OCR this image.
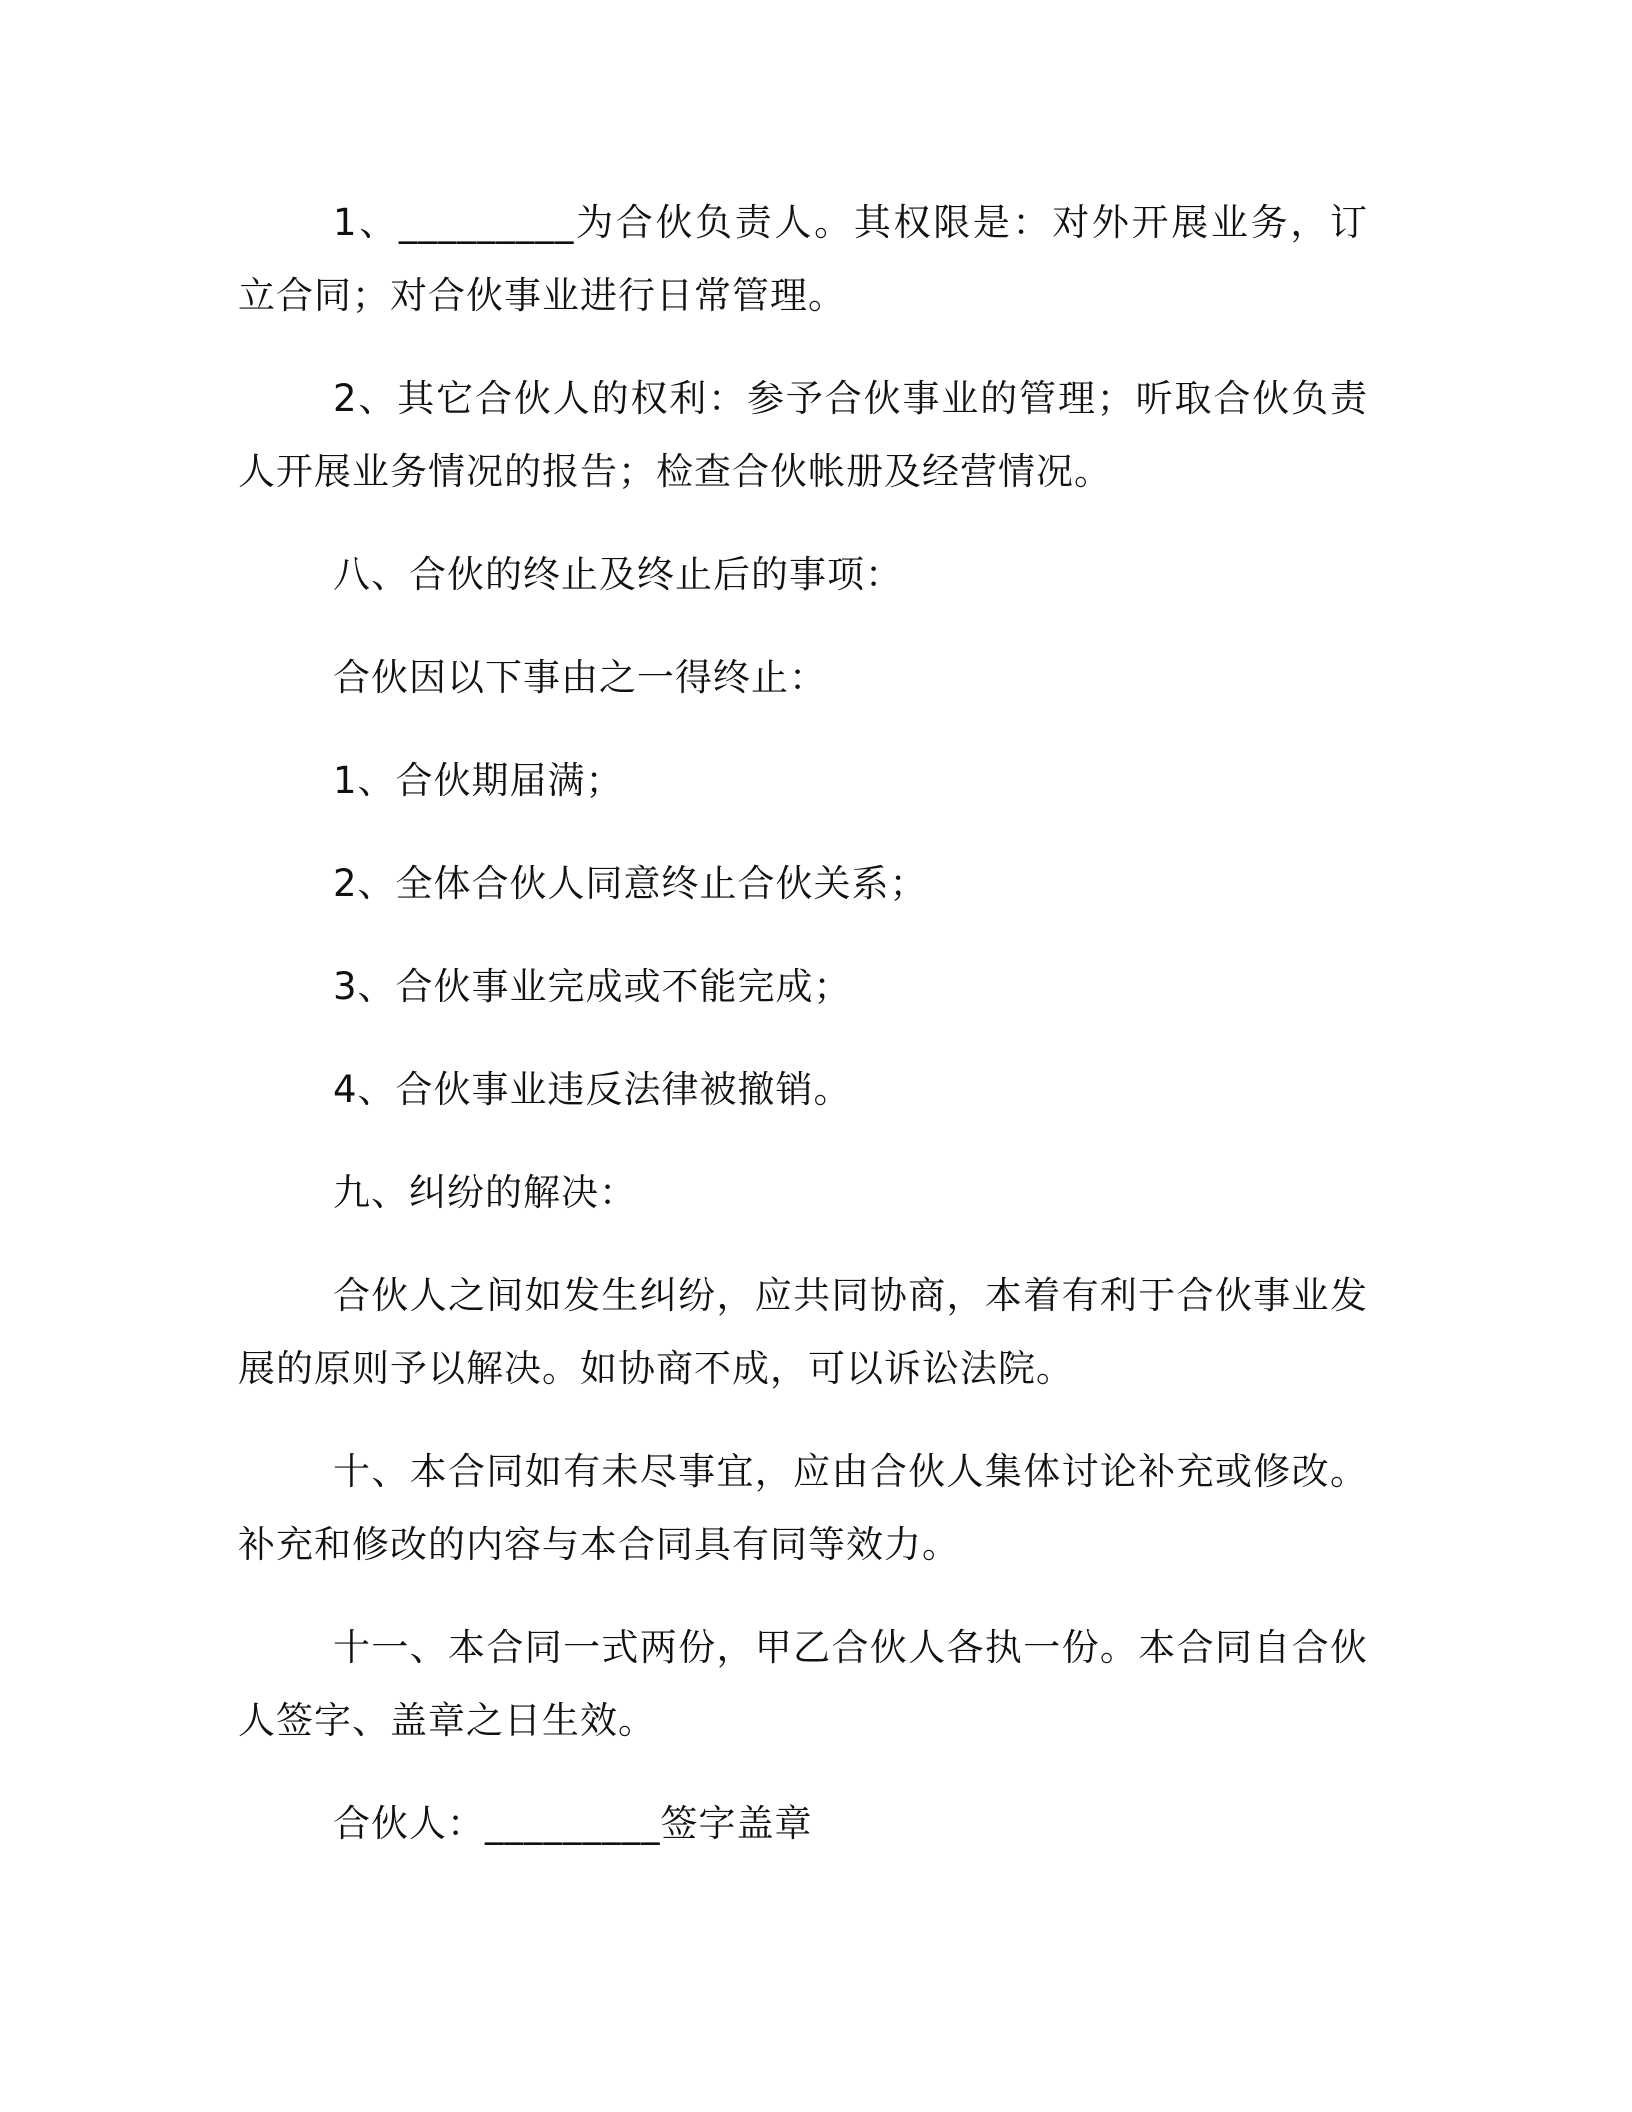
1、_________为合伙负责人。其权限是：对外开展业务，订立合同；对合伙事业进行日常管理。

2、其它合伙人的权利：参予合伙事业的管理；听取合伙负责人开展业务情况的报告；检查合伙帐册及经营情况。

八、合伙的终止及终止后的事项：

合伙因以下事由之一得终止：

1、合伙期届满；

2、全体合伙人同意终止合伙关系；

3、合伙事业完成或不能完成；

4、合伙事业违反法律被撤销。

九、纠纷的解决：

合伙人之间如发生纠纷，应共同协商，本着有利于合伙事业发展的原则予以解决。如协商不成，可以诉讼法院。

十、本合同如有未尽事宜，应由合伙人集体讨论补充或修改。补充和修改的内容与本合同具有同等效力。

十一、本合同一式两份，甲乙合伙人各执一份。本合同自合伙人签字、盖章之日生效。

合伙人：_________签字盖章
